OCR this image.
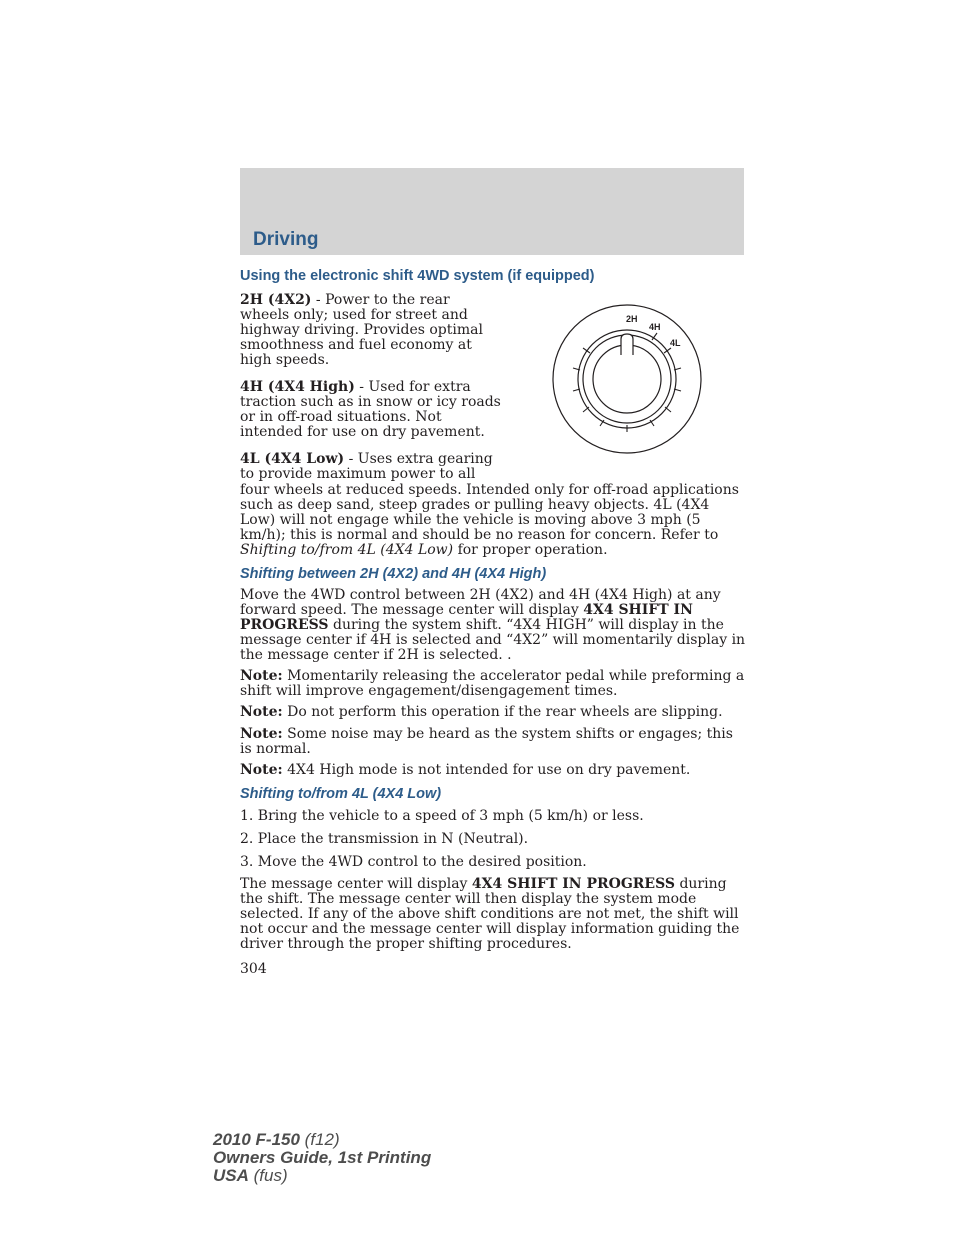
Driving
Using the electronic shift 4WD system (if equipped)

2H (4X2) - Power to the rear wheels only; used for street and highway driving. Provides optimal smoothness and fuel economy at high speeds.

4H (4X4 High) - Used for extra traction such as in snow or icy roads or in off-road situations. Not intended for use on dry pavement.

4L (4X4 Low) - Uses extra gearing to provide maximum power to all

four wheels at reduced speeds. Intended only for off-road applications such as deep sand, steep grades or pulling heavy objects. 4L (4X4 Low) will not engage while the vehicle is moving above 3 mph (5 km/h); this is normal and should be no reason for concern. Refer to Shifting to/from 4L (4X4 Low) for proper operation.

2H
4H
4L
Shifting between 2H (4X2) and 4H (4X4 High)

Move the 4WD control between 2H (4X2) and 4H (4X4 High) at any forward speed. The message center will display 4X4 SHIFT IN PROGRESS during the system shift. “4X4 HIGH” will display in the message center if 4H is selected and “4X2” will momentarily display in the message center if 2H is selected. .

Note: Momentarily releasing the accelerator pedal while preforming a shift will improve engagement/disengagement times.

Note: Do not perform this operation if the rear wheels are slipping.

Note: Some noise may be heard as the system shifts or engages; this is normal.

Note: 4X4 High mode is not intended for use on dry pavement.

Shifting to/from 4L (4X4 Low)

1. Bring the vehicle to a speed of 3 mph (5 km/h) or less.

2. Place the transmission in N (Neutral).

3. Move the 4WD control to the desired position.

The message center will display 4X4 SHIFT IN PROGRESS during the shift. The message center will then display the system mode selected. If any of the above shift conditions are not met, the shift will not occur and the message center will display information guiding the driver through the proper shifting procedures.

304

2010 F-150 (f12)
Owners Guide, 1st Printing
USA (fus)
